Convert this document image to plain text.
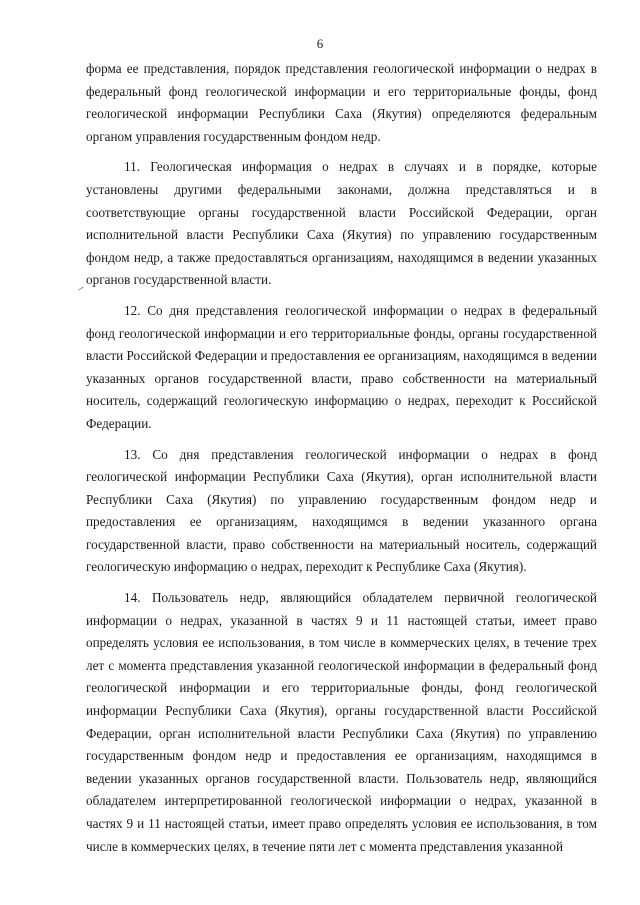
6

форма ее представления, порядок представления геологической информации о недрах в федеральный фонд геологической информации и его территориальные фонды, фонд геологической информации Республики Саха (Якутия) определяются федеральным органом управления государственным фондом недр.

11. Геологическая информация о недрах в случаях и в порядке, которые установлены другими федеральными законами, должна представляться и в соответствующие органы государственной власти Российской Федерации, орган исполнительной власти Республики Саха (Якутия) по управлению государственным фондом недр, а также предоставляться организациям, находящимся в ведении указанных органов государственной власти.

12. Со дня представления геологической информации о недрах в федеральный фонд геологической информации и его территориальные фонды, органы государственной власти Российской Федерации и предоставления ее организациям, находящимся в ведении указанных органов государственной власти, право собственности на материальный носитель, содержащий геологическую информацию о недрах, переходит к Российской Федерации.

13. Со дня представления геологической информации о недрах в фонд геологической информации Республики Саха (Якутия), орган исполнительной власти Республики Саха (Якутия) по управлению государственным фондом недр и предоставления ее организациям, находящимся в ведении указанного органа государственной власти, право собственности на материальный носитель, содержащий геологическую информацию о недрах, переходит к Республике Саха (Якутия).

14. Пользователь недр, являющийся обладателем первичной геологической информации о недрах, указанной в частях 9 и 11 настоящей статьи, имеет право определять условия ее использования, в том числе в коммерческих целях, в течение трех лет с момента представления указанной геологической информации в федеральный фонд геологической информации и его территориальные фонды, фонд геологической информации Республики Саха (Якутия), органы государственной власти Российской Федерации, орган исполнительной власти Республики Саха (Якутия) по управлению государственным фондом недр и предоставления ее организациям, находящимся в ведении указанных органов государственной власти. Пользователь недр, являющийся обладателем интерпретированной геологической информации о недрах, указанной в частях 9 и 11 настоящей статьи, имеет право определять условия ее использования, в том числе в коммерческих целях, в течение пяти лет с момента представления указанной
